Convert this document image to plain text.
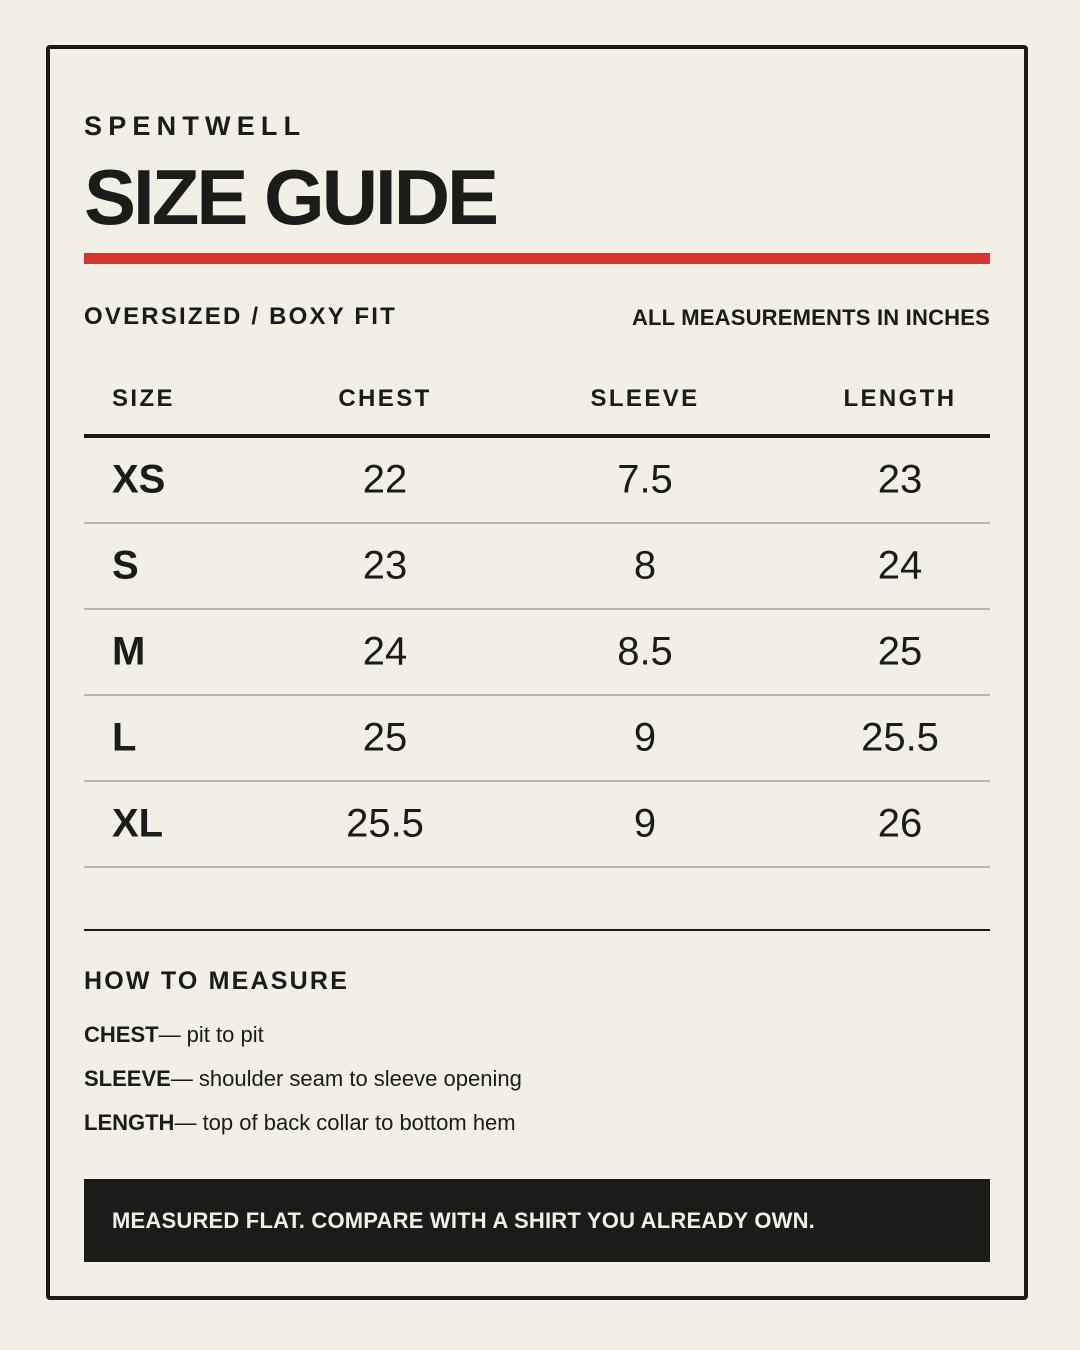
SPENTWELL
SIZE GUIDE
OVERSIZED / BOXY FIT	ALL MEASUREMENTS IN INCHES
SIZE	CHEST	SLEEVE	LENGTH
XS	22	7.5	23
S	23	8	24
M	24	8.5	25
L	25	9	25.5
XL	25.5	9	26
HOW TO MEASURE
CHEST— pit to pit
SLEEVE— shoulder seam to sleeve opening
LENGTH— top of back collar to bottom hem
MEASURED FLAT. COMPARE WITH A SHIRT YOU ALREADY OWN.
